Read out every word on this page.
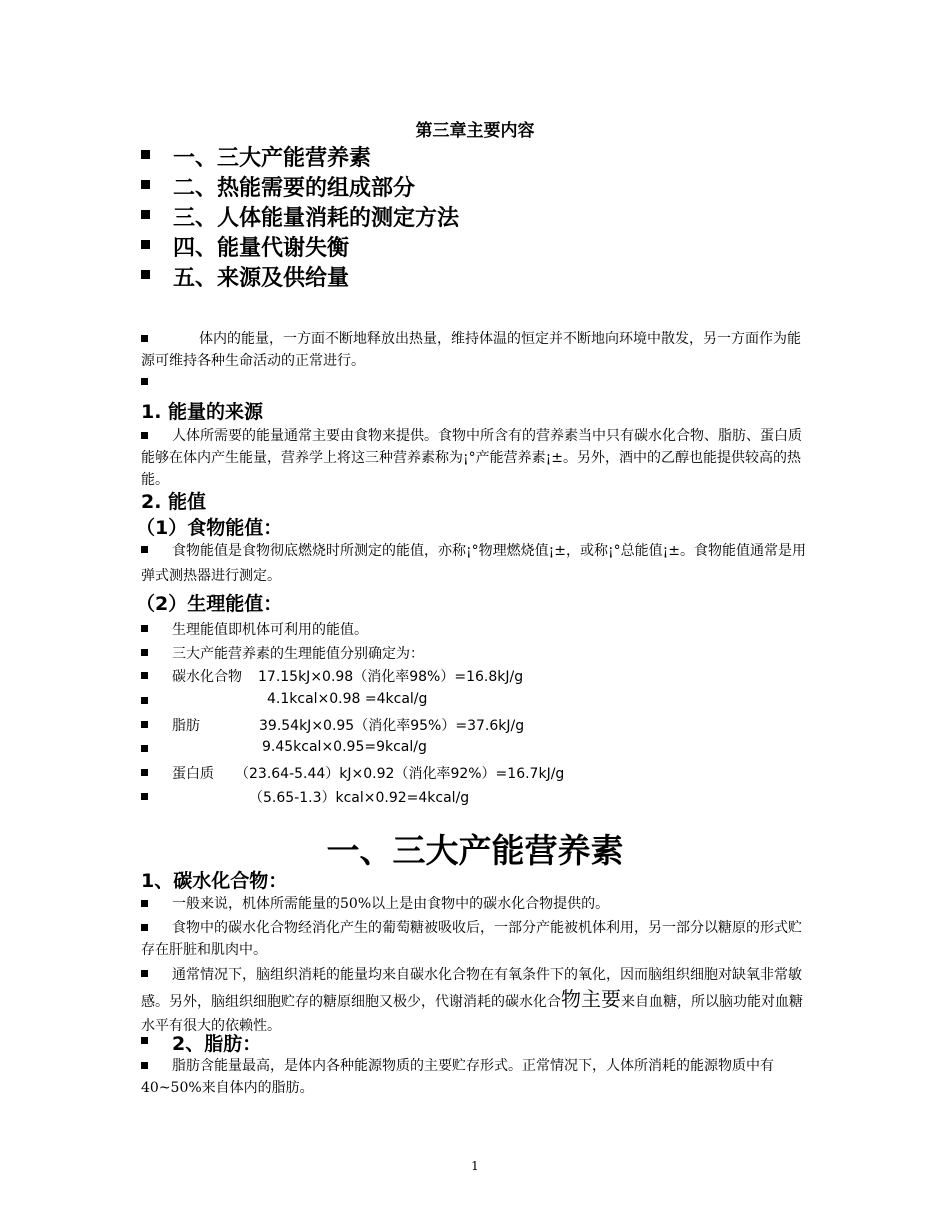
第三章主要内容
一、三大产能营养素
二、热能需要的组成部分
三、人体能量消耗的测定方法
四、能量代谢失衡
五、来源及供给量
体内的能量，一方面不断地释放出热量，维持体温的恒定并不断地向环境中散发，另一方面作为能源可维持各种生命活动的正常进行。
1. 能量的来源
人体所需要的能量通常主要由食物来提供。食物中所含有的营养素当中只有碳水化合物、脂肪、蛋白质能够在体内产生能量，营养学上将这三种营养素称为¡°产能营养素¡±。另外，酒中的乙醇也能提供较高的热能。
2. 能值
（1）食物能值：
食物能值是食物彻底燃烧时所测定的能值，亦称¡°物理燃烧值¡±，或称¡°总能值¡±。食物能值通常是用弹式测热器进行测定。
（2）生理能值：
生理能值即机体可利用的能值。
三大产能营养素的生理能值分别确定为：
碳水化合物 17.15kJ×0.98（消化率98%）=16.8kJ/g
4.1kcal×0.98 =4kcal/g
脂肪	39.54kJ×0.95（消化率95%）=37.6kJ/g
9.45kcal×0.95=9kcal/g
蛋白质 （23.64-5.44）kJ×0.92（消化率92%）=16.7kJ/g
（5.65-1.3）kcal×0.92=4kcal/g
一、三大产能营养素
1、碳水化合物：
一般来说，机体所需能量的50%以上是由食物中的碳水化合物提供的。
食物中的碳水化合物经消化产生的葡萄糖被吸收后，一部分产能被机体利用，另一部分以糖原的形式贮存在肝脏和肌肉中。
通常情况下，脑组织消耗的能量均来自碳水化合物在有氧条件下的氧化，因而脑组织细胞对缺氧非常敏感。另外，脑组织细胞贮存的糖原细胞又极少，代谢消耗的碳水化合物主要来自血糖，所以脑功能对血糖水平有很大的依赖性。
2、脂肪：
脂肪含能量最高，是体内各种能源物质的主要贮存形式。正常情况下，人体所消耗的能源物质中有40~50%来自体内的脂肪。
1
